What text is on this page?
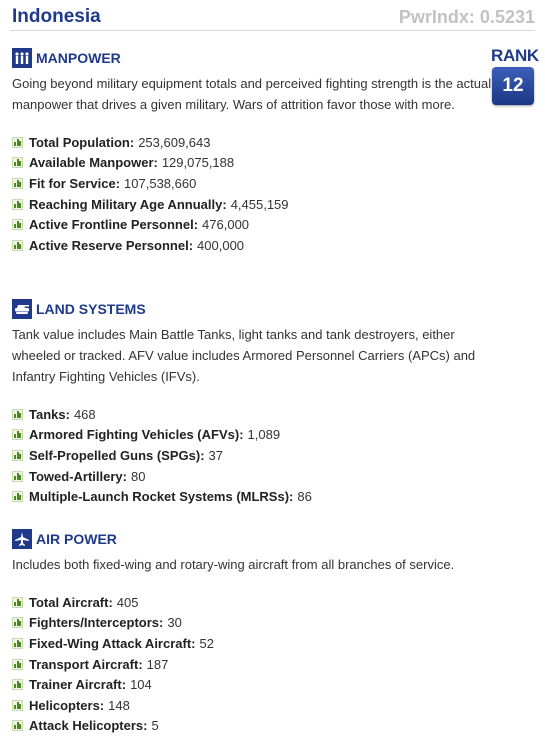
Indonesia	PwrIndx: 0.5231
RANK
12
MANPOWER
Going beyond military equipment totals and perceived fighting strength is the actual manpower that drives a given military. Wars of attrition favor those with more.
Total Population: 253,609,643
Available Manpower: 129,075,188
Fit for Service: 107,538,660
Reaching Military Age Annually: 4,455,159
Active Frontline Personnel: 476,000
Active Reserve Personnel: 400,000
LAND SYSTEMS
Tank value includes Main Battle Tanks, light tanks and tank destroyers, either wheeled or tracked. AFV value includes Armored Personnel Carriers (APCs) and Infantry Fighting Vehicles (IFVs).
Tanks: 468
Armored Fighting Vehicles (AFVs): 1,089
Self-Propelled Guns (SPGs): 37
Towed-Artillery: 80
Multiple-Launch Rocket Systems (MLRSs): 86
AIR POWER
Includes both fixed-wing and rotary-wing aircraft from all branches of service.
Total Aircraft: 405
Fighters/Interceptors: 30
Fixed-Wing Attack Aircraft: 52
Transport Aircraft: 187
Trainer Aircraft: 104
Helicopters: 148
Attack Helicopters: 5
